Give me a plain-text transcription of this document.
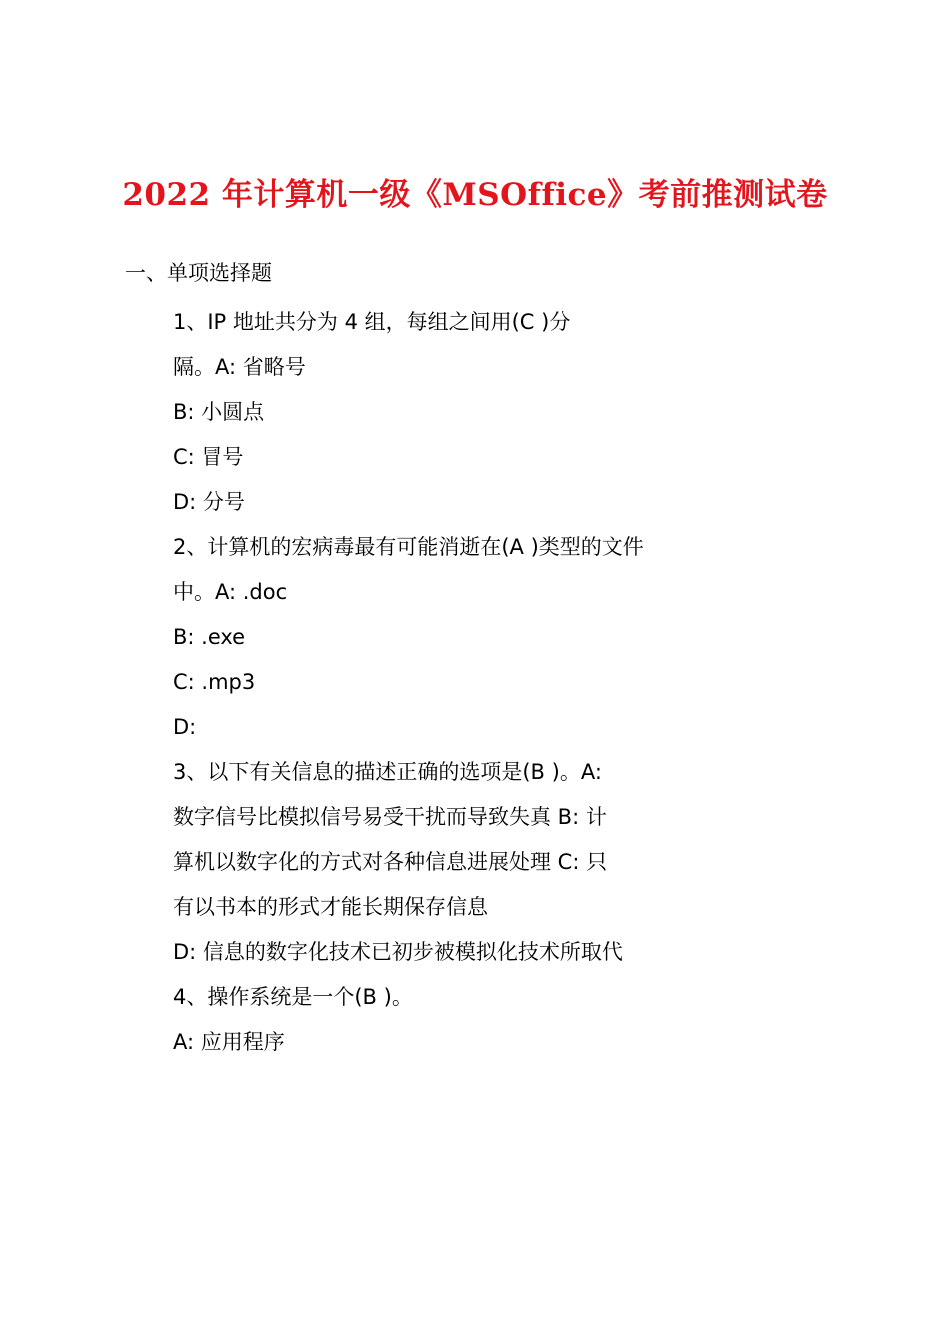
2022 年计算机一级《MSOffice》考前推测试卷
一、单项选择题
1、IP 地址共分为 4 组，每组之间用(C )分
隔。A: 省略号
B: 小圆点
C: 冒号
D: 分号
2、计算机的宏病毒最有可能消逝在(A )类型的文件
中。A: .doc
B: .exe
C: .mp3
D:
3、以下有关信息的描述正确的选项是(B )。A:
数字信号比模拟信号易受干扰而导致失真 B: 计
算机以数字化的方式对各种信息进展处理 C: 只
有以书本的形式才能长期保存信息
D: 信息的数字化技术已初步被模拟化技术所取代
4、操作系统是一个(B )。
A: 应用程序
